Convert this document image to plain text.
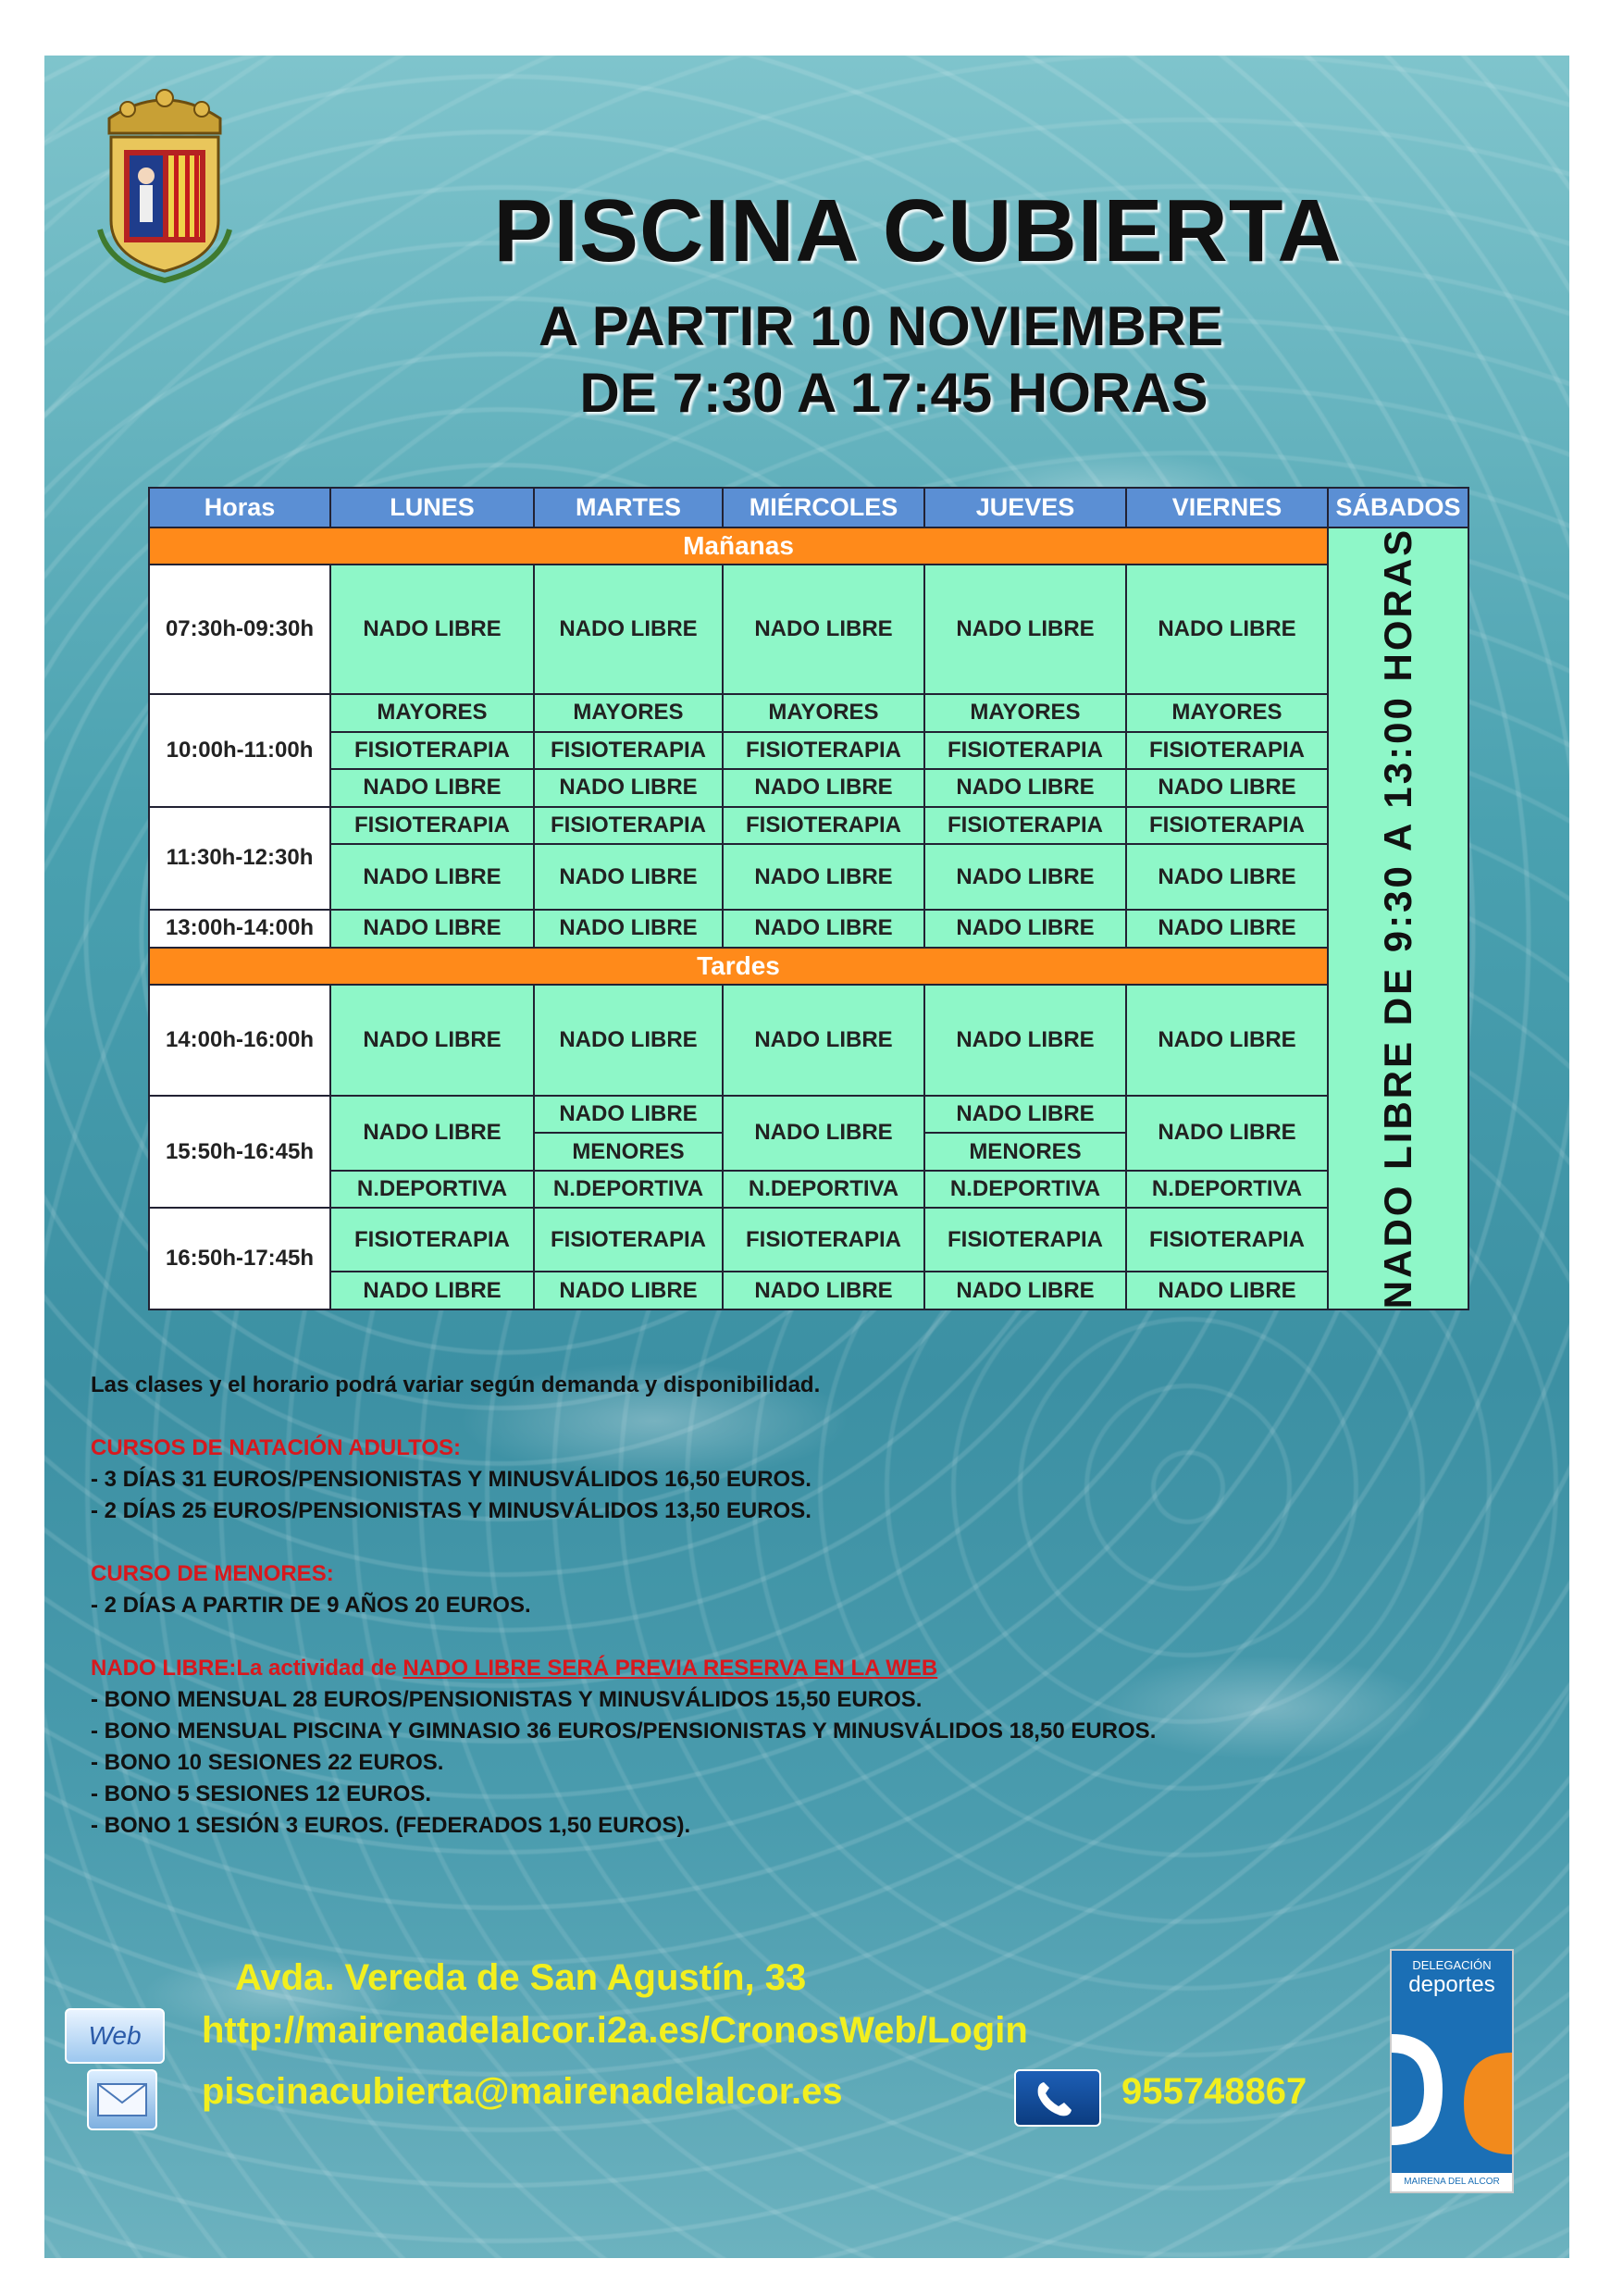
PISCINA CUBIERTA
A PARTIR 10 NOVIEMBRE
DE 7:30 A 17:45 HORAS
Horas	LUNES	MARTES	MIÉRCOLES	JUEVES	VIERNES	SÁBADOS
Mañanas						NADO LIBRE DE 9:30 A 13:00 HORAS

07:30h-09:30h	NADO LIBRE	NADO LIBRE	NADO LIBRE	NADO LIBRE	NADO LIBRE	
10:00h-11:00h	MAYORES	MAYORES	MAYORES	MAYORES	MAYORES	
	FISIOTERAPIA	FISIOTERAPIA	FISIOTERAPIA	FISIOTERAPIA	FISIOTERAPIA	
	NADO LIBRE	NADO LIBRE	NADO LIBRE	NADO LIBRE	NADO LIBRE	
11:30h-12:30h	FISIOTERAPIA	FISIOTERAPIA	FISIOTERAPIA	FISIOTERAPIA	FISIOTERAPIA	
	NADO LIBRE	NADO LIBRE	NADO LIBRE	NADO LIBRE	NADO LIBRE	
13:00h-14:00h	NADO LIBRE	NADO LIBRE	NADO LIBRE	NADO LIBRE	NADO LIBRE	
Tardes						
14:00h-16:00h	NADO LIBRE	NADO LIBRE	NADO LIBRE	NADO LIBRE	NADO LIBRE	
15:50h-16:45h	NADO LIBRE	NADO LIBRE	NADO LIBRE	NADO LIBRE	NADO LIBRE	
		MENORES		MENORES		
	N.DEPORTIVA	N.DEPORTIVA	N.DEPORTIVA	N.DEPORTIVA	N.DEPORTIVA	
16:50h-17:45h	FISIOTERAPIA	FISIOTERAPIA	FISIOTERAPIA	FISIOTERAPIA	FISIOTERAPIA	
	NADO LIBRE	NADO LIBRE	NADO LIBRE	NADO LIBRE	NADO LIBRE	
Las clases y el horario podrá variar según demanda y disponibilidad.
CURSOS DE NATACIÓN ADULTOS:
- 3 DÍAS 31 EUROS/PENSIONISTAS Y MINUSVÁLIDOS 16,50 EUROS.
- 2 DÍAS 25 EUROS/PENSIONISTAS Y MINUSVÁLIDOS 13,50 EUROS.
CURSO DE MENORES:
- 2 DÍAS A PARTIR DE 9 AÑOS 20 EUROS.
NADO LIBRE:La actividad de NADO LIBRE SERÁ PREVIA RESERVA EN LA WEB
- BONO MENSUAL 28 EUROS/PENSIONISTAS Y MINUSVÁLIDOS 15,50 EUROS.
- BONO MENSUAL PISCINA Y GIMNASIO 36 EUROS/PENSIONISTAS Y MINUSVÁLIDOS 18,50 EUROS.
- BONO 10 SESIONES 22 EUROS.
- BONO 5 SESIONES 12 EUROS.
- BONO 1 SESIÓN 3 EUROS. (FEDERADOS 1,50 EUROS).
Avda. Vereda de San Agustín, 33
Web	http://mairenadelalcor.i2a.es/CronosWeb/Login
piscinacubierta@mairenadelalcor.es	955748867
DELEGACIÓN
deportes
MAIRENA DEL ALCOR
